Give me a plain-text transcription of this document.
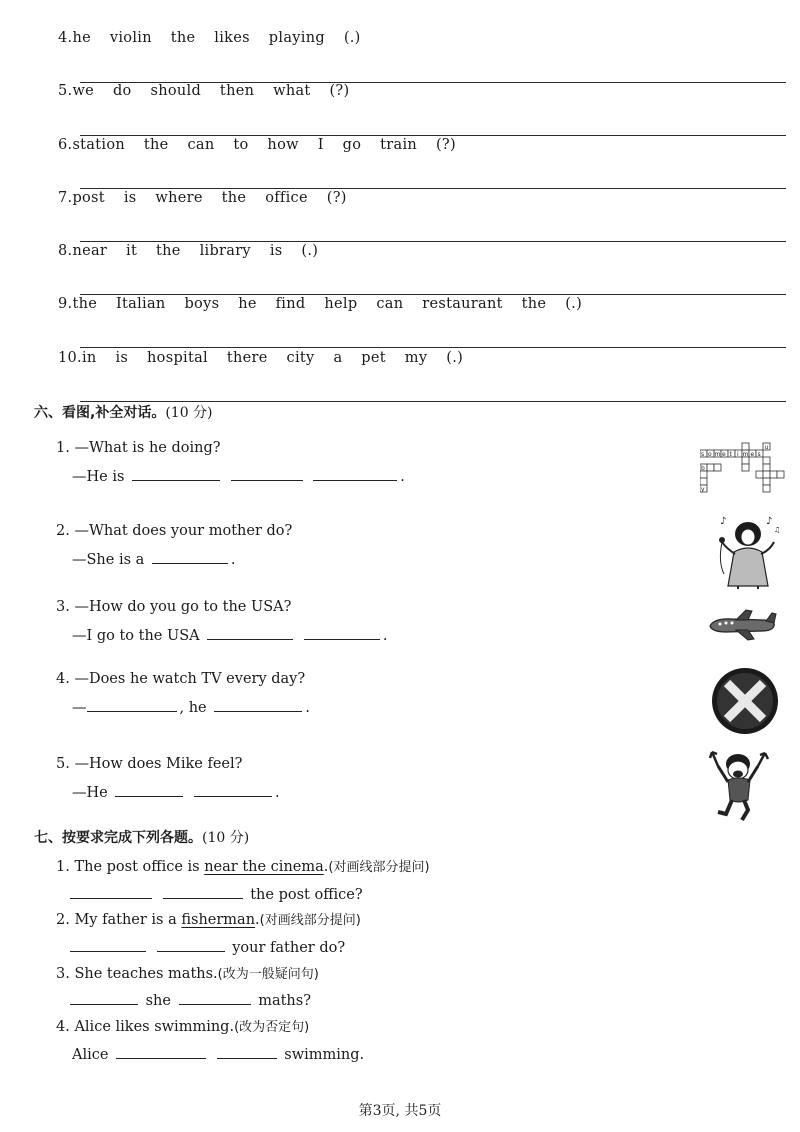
4.he violin the likes playing (.)
5.we do should then what (?)
6.station the can to how I go train (?)
7.post is where the office (?)
8.near it the library is (.)
9.the Italian boys he find help can restaurant the (.)
10.in is hospital there city a pet my (.)
六、看图,补全对话。(10 分)
1. —What is he doing?
—He is	.
s o m e t i m e s
u
b
y
2. —What does your mother do?
—She is a	.
♪	♪
♫
3. —How do you go to the USA?
—I go to the USA	.
4. —Does he watch TV every day?
—	, he	.
5. —How does Mike feel?
—He	.
七、按要求完成下列各题。(10 分)
1. The post office is near the cinema.(对画线部分提问)
the post office?
2. My father is a fisherman.(对画线部分提问)
your father do?
3. She teaches maths.(改为一般疑问句)
she	maths?
4. Alice likes swimming.(改为否定句)
Alice	swimming.
第3页, 共5页
